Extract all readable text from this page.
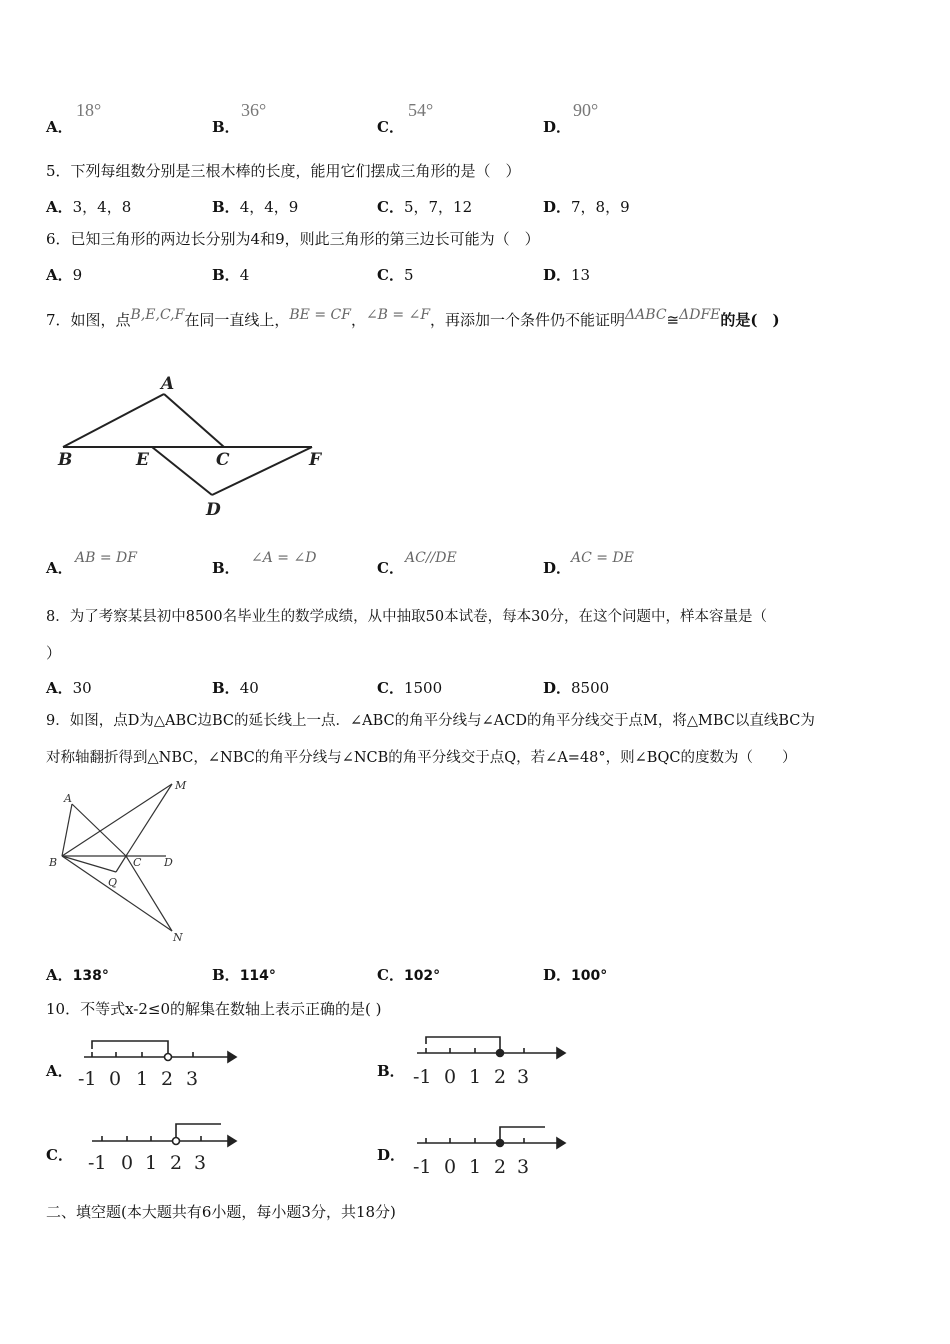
A．
18°
B．
36°
C．
54°
D．
90°
5．下列每组数分别是三根木棒的长度，能用它们摆成三角形的是（　）
A．3，4，8	B．4，4，9	C．5，7，12	D．7，8，9
6．已知三角形的两边长分别为4和9，则此三角形的第三边长可能为（　）
A．9	B．4	C．5	D．13
7．如图，点B,E,C,F在同一直线上，BE = CF，∠B = ∠F，再添加一个条件仍不能证明ΔABC≅ΔDFE的是(　)
A
B	E	C	F
D
A．
AB = DF
B．
∠A = ∠D
C．
AC//DE
D．
AC = DE
8．为了考察某县初中8500名毕业生的数学成绩，从中抽取50本试卷，每本30分，在这个问题中，样本容量是（
）
A．30	B．40	C．1500	D．8500
9．如图，点D为△ABC边BC的延长线上一点．∠ABC的角平分线与∠ACD的角平分线交于点M，将△MBC以直线BC为
对称轴翻折得到△NBC，∠NBC的角平分线与∠NCB的角平分线交于点Q，若∠A=48°，则∠BQC的度数为（　　）
A
M
B	C D
Q
N
A．138°	B．114°	C．102°	D．100°
10．不等式x-2≤0的解集在数轴上表示正确的是( )
A． -1 0 1 2 3	B． -1 0 1 2 3
C． -1 0 1 2 3	D．
-1 0 1 2 3
二、填空题(本大题共有6小题，每小题3分，共18分)
